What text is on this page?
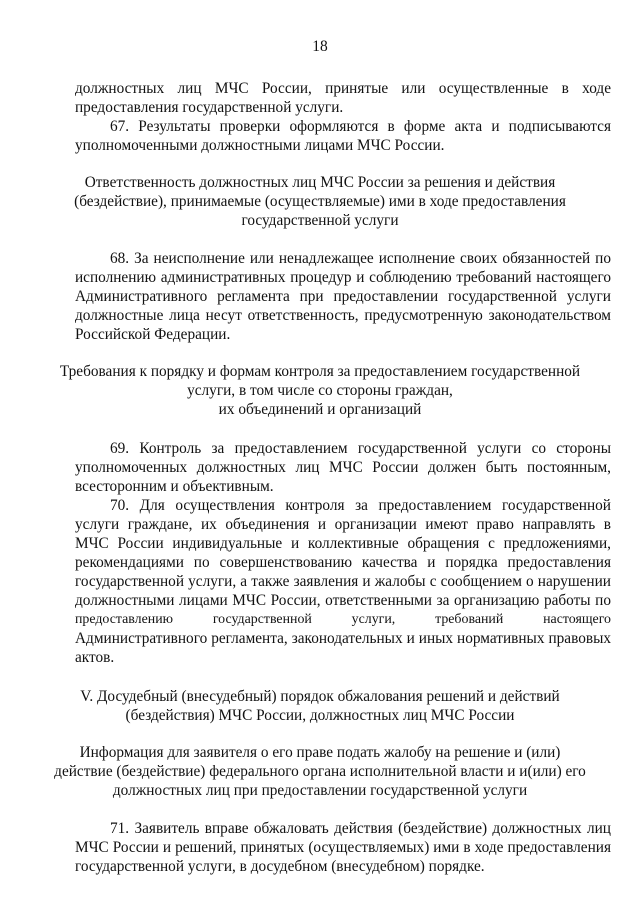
18
должностных лиц МЧС России, принятые или осуществленные в ходе
предоставления государственной услуги.
67. Результаты проверки оформляются в форме акта и подписываются
уполномоченными должностными лицами МЧС России.
Ответственность должностных лиц МЧС России за решения и действия
(бездействие), принимаемые (осуществляемые) ими в ходе предоставления
государственной услуги
68. За неисполнение или ненадлежащее исполнение своих обязанностей по
исполнению административных процедур и соблюдению требований настоящего
Административного регламента при предоставлении государственной услуги
должностные лица несут ответственность, предусмотренную законодательством
Российской Федерации.
Требования к порядку и формам контроля за предоставлением государственной
услуги, в том числе со стороны граждан,
их объединений и организаций
69. Контроль за предоставлением государственной услуги со стороны
уполномоченных должностных лиц МЧС России должен быть постоянным,
всесторонним и объективным.
70. Для осуществления контроля за предоставлением государственной
услуги граждане, их объединения и организации имеют право направлять в
МЧС России индивидуальные и коллективные обращения с предложениями,
рекомендациями по совершенствованию качества и порядка предоставления
государственной услуги, а также заявления и жалобы с сообщением о нарушении
должностными лицами МЧС России, ответственными за организацию работы по
предоставлению государственной услуги, требований настоящего
Административного регламента, законодательных и иных нормативных правовых
актов.
V. Досудебный (внесудебный) порядок обжалования решений и действий
(бездействия) МЧС России, должностных лиц МЧС России
Информация для заявителя о его праве подать жалобу на решение и (или)
действие (бездействие) федерального органа исполнительной власти и и(или) его
должностных лиц при предоставлении государственной услуги
71. Заявитель вправе обжаловать действия (бездействие) должностных лиц
МЧС России и решений, принятых (осуществляемых) ими в ходе предоставления
государственной услуги, в досудебном (внесудебном) порядке.
